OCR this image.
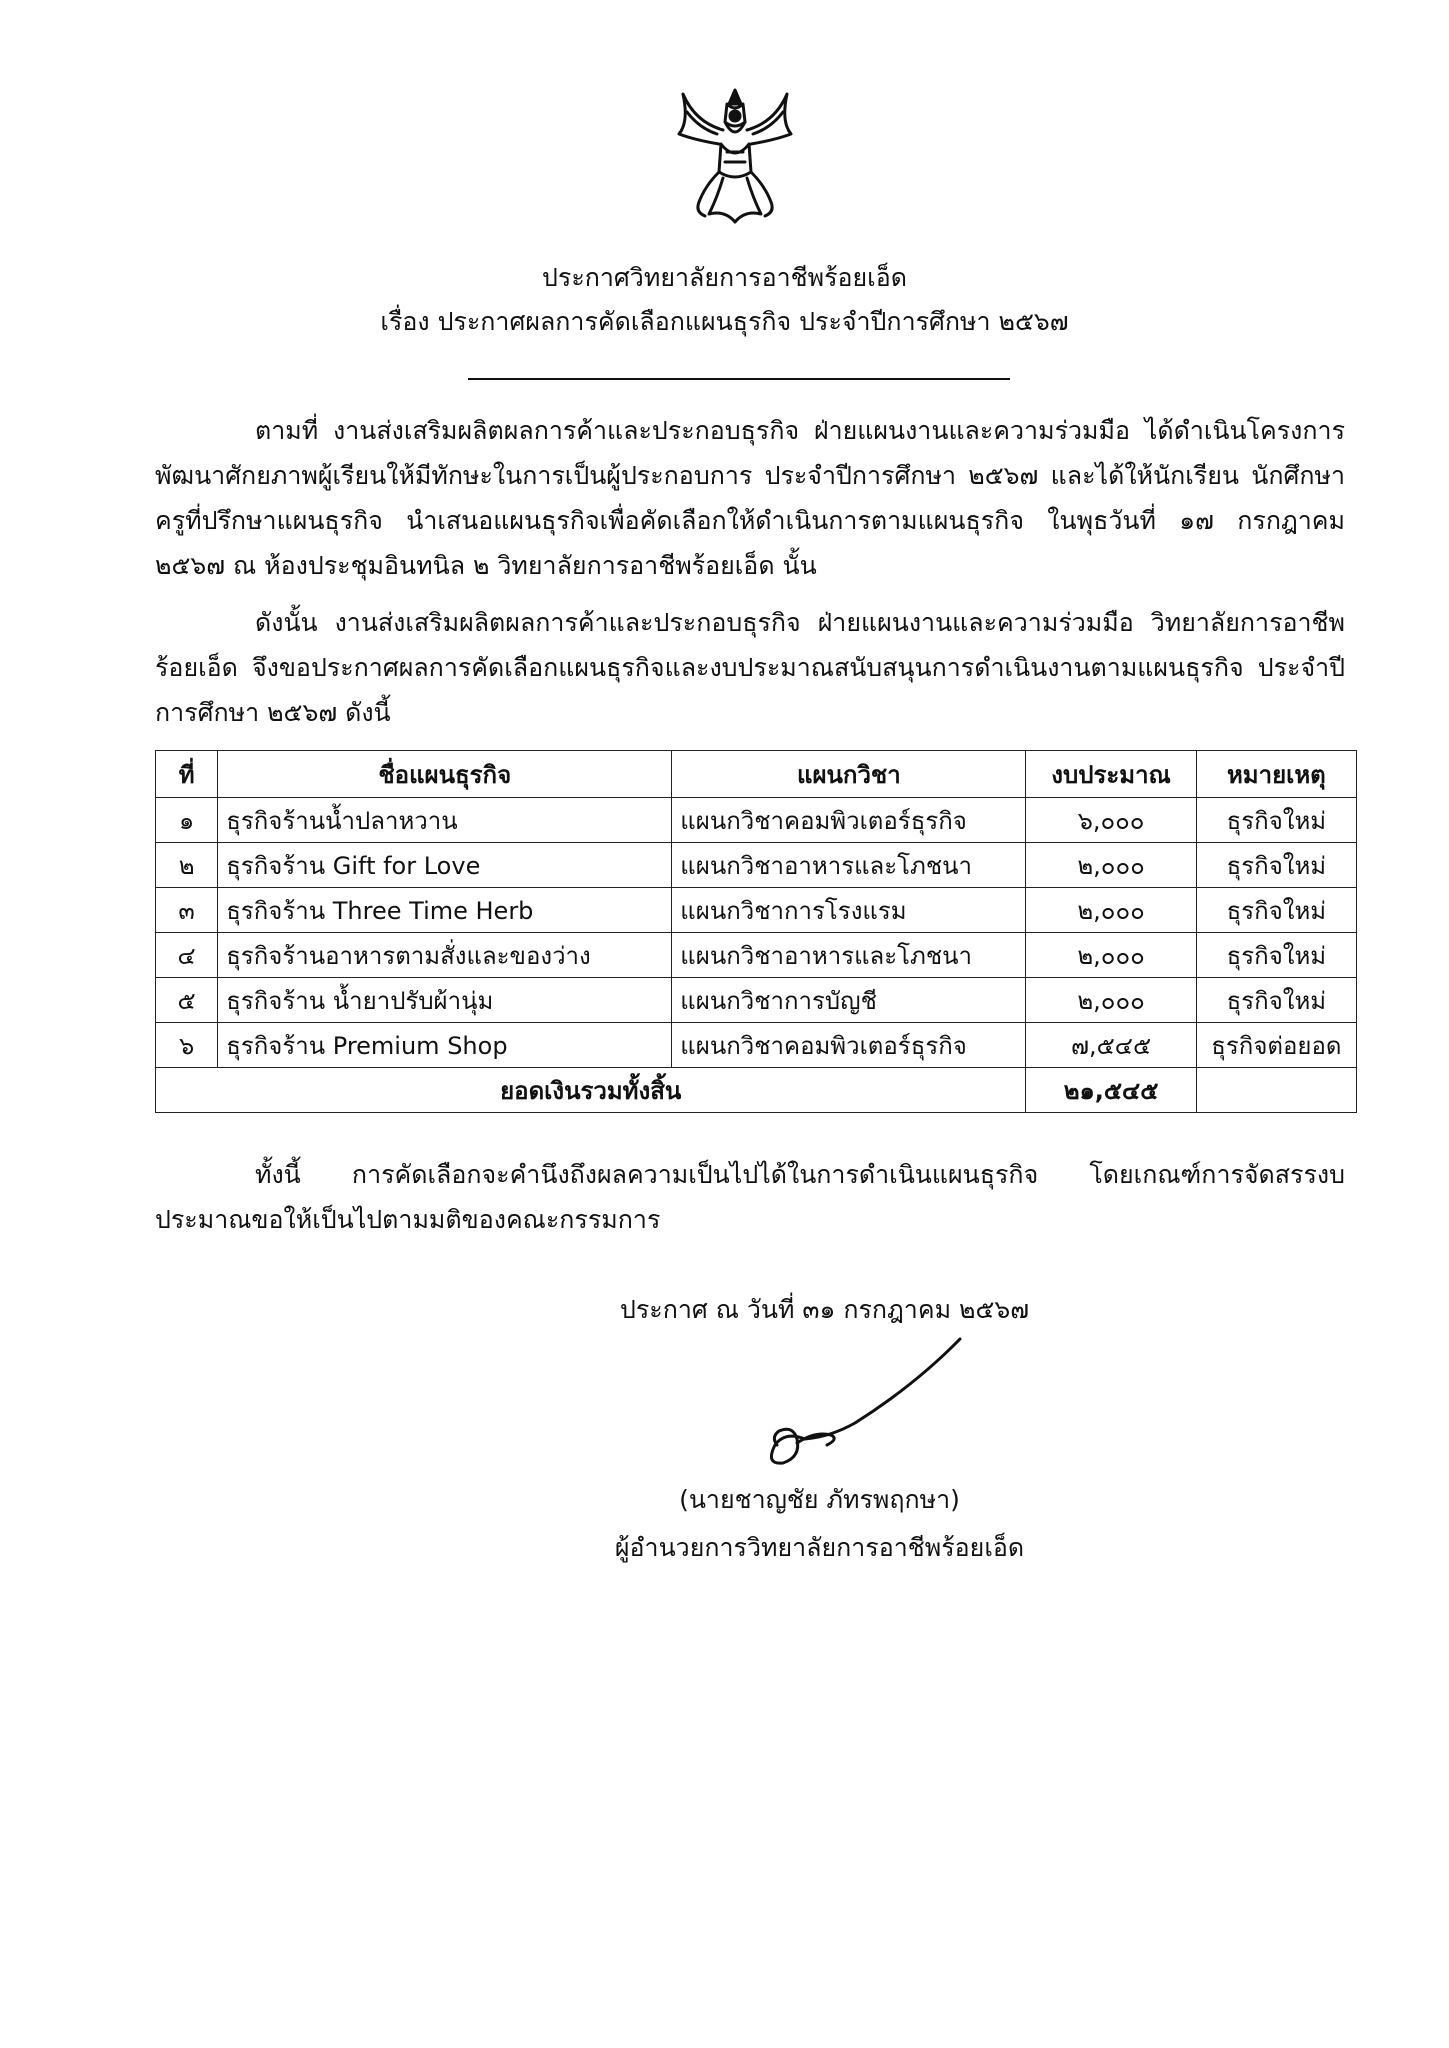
ประกาศวิทยาลัยการอาชีพร้อยเอ็ด
เรื่อง ประกาศผลการคัดเลือกแผนธุรกิจ ประจำปีการศึกษา ๒๕๖๗

ตามที่ งานส่งเสริมผลิตผลการค้าและประกอบธุรกิจ ฝ่ายแผนงานและความร่วมมือ ได้ดำเนินโครงการพัฒนาศักยภาพผู้เรียนให้มีทักษะในการเป็นผู้ประกอบการ ประจำปีการศึกษา ๒๕๖๗ และได้ให้นักเรียน นักศึกษา ครูที่ปรึกษาแผนธุรกิจ นำเสนอแผนธุรกิจเพื่อคัดเลือกให้ดำเนินการตามแผนธุรกิจ ในพุธวันที่ ๑๗ กรกฎาคม ๒๕๖๗ ณ ห้องประชุมอินทนิล ๒ วิทยาลัยการอาชีพร้อยเอ็ด นั้น

ดังนั้น งานส่งเสริมผลิตผลการค้าและประกอบธุรกิจ ฝ่ายแผนงานและความร่วมมือ วิทยาลัยการอาชีพร้อยเอ็ด จึงขอประกาศผลการคัดเลือกแผนธุรกิจและงบประมาณสนับสนุนการดำเนินงานตามแผนธุรกิจ ประจำปีการศึกษา ๒๕๖๗ ดังนี้

ที่	ชื่อแผนธุรกิจ	แผนกวิชา	งบประมาณ	หมายเหตุ
๑	ธุรกิจร้านน้ำปลาหวาน	แผนกวิชาคอมพิวเตอร์ธุรกิจ	๖,๐๐๐	ธุรกิจใหม่
๒	ธุรกิจร้าน Gift for Love	แผนกวิชาอาหารและโภชนา	๒,๐๐๐	ธุรกิจใหม่
๓	ธุรกิจร้าน Three Time Herb	แผนกวิชาการโรงแรม	๒,๐๐๐	ธุรกิจใหม่
๔	ธุรกิจร้านอาหารตามสั่งและของว่าง	แผนกวิชาอาหารและโภชนา	๒,๐๐๐	ธุรกิจใหม่
๕	ธุรกิจร้าน น้ำยาปรับผ้านุ่ม	แผนกวิชาการบัญชี	๒,๐๐๐	ธุรกิจใหม่
๖	ธุรกิจร้าน Premium Shop	แผนกวิชาคอมพิวเตอร์ธุรกิจ	๗,๕๔๕	ธุรกิจต่อยอด
ยอดเงินรวมทั้งสิ้น			๒๑,๕๔๕	

ทั้งนี้ การคัดเลือกจะคำนึงถึงผลความเป็นไปได้ในการดำเนินแผนธุรกิจ โดยเกณฑ์การจัดสรรงบประมาณขอให้เป็นไปตามมติของคณะกรรมการ

ประกาศ ณ วันที่ ๓๑ กรกฎาคม ๒๕๖๗
(นายชาญชัย ภัทรพฤกษา)
ผู้อำนวยการวิทยาลัยการอาชีพร้อยเอ็ด
